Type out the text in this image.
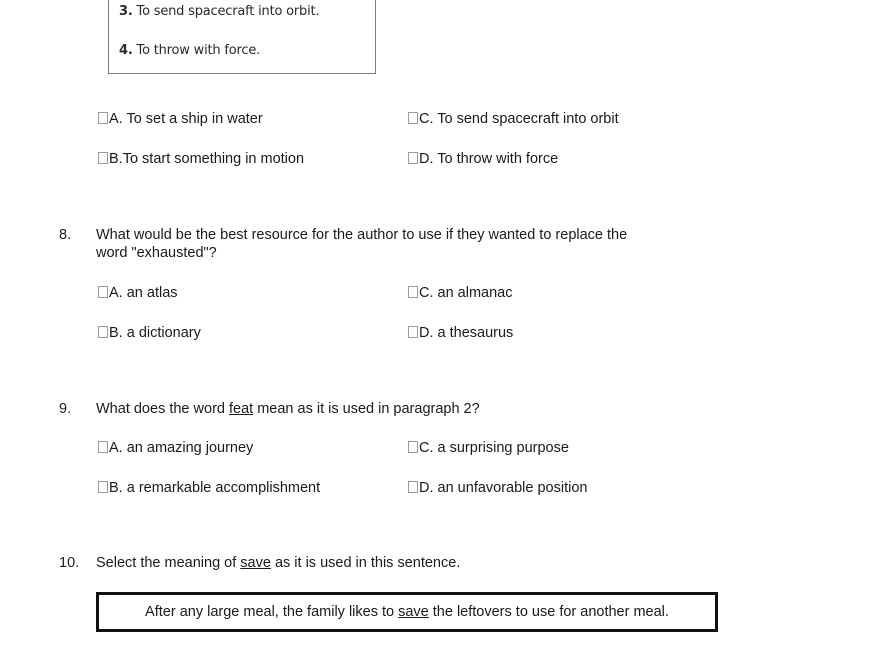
3. To send spacecraft into orbit.
4. To throw with force.
A. To set a ship in water	C. To send spacecraft into orbit
B.To start something in motion	D. To throw with force
8. What would be the best resource for the author to use if they wanted to replace the
word "exhausted"?
A. an atlas	C. an almanac
B. a dictionary	D. a thesaurus
9. What does the word feat mean as it is used in paragraph 2?
A. an amazing journey	C. a surprising purpose
B. a remarkable accomplishment	D. an unfavorable position
10. Select the meaning of save as it is used in this sentence.
After any large meal, the family likes to save the leftovers to use for another meal.
